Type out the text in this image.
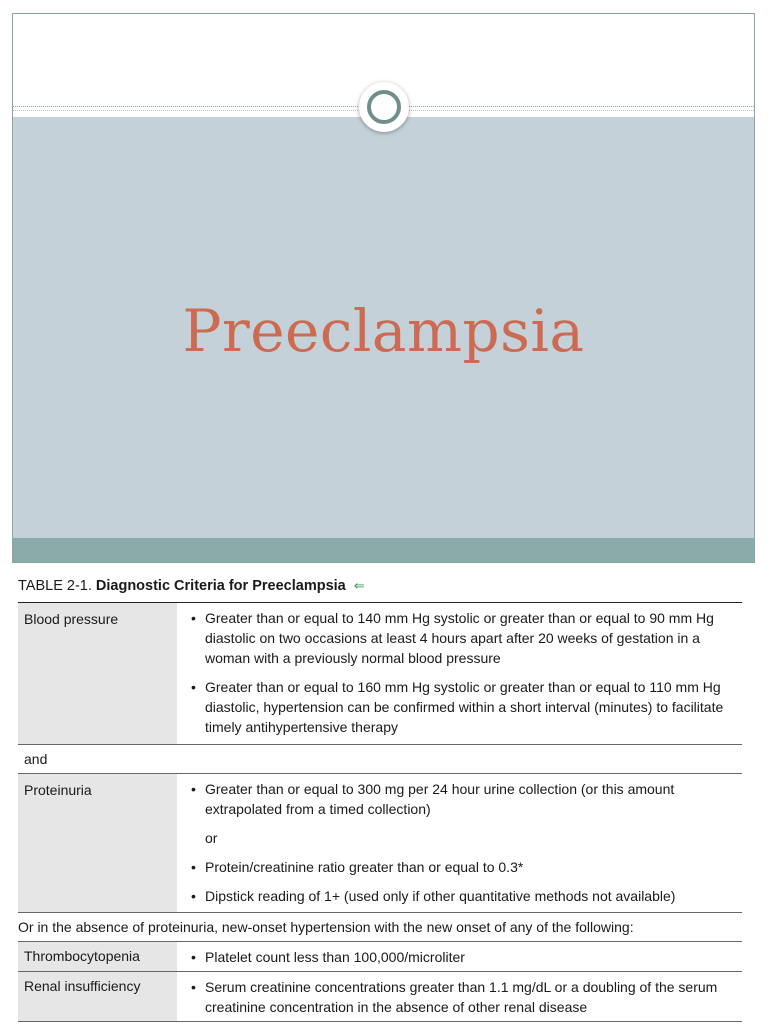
Preeclampsia
TABLE 2-1. Diagnostic Criteria for Preeclampsia ⇐
Blood pressure	• Greater than or equal to 140 mm Hg systolic or greater than or equal to 90 mm Hg diastolic on two occasions at least 4 hours apart after 20 weeks of gestation in a woman with a previously normal blood pressure
• Greater than or equal to 160 mm Hg systolic or greater than or equal to 110 mm Hg diastolic, hypertension can be confirmed within a short interval (minutes) to facilitate timely antihypertensive therapy
and
Proteinuria	• Greater than or equal to 300 mg per 24 hour urine collection (or this amount extrapolated from a timed collection)
or
• Protein/creatinine ratio greater than or equal to 0.3*
• Dipstick reading of 1+ (used only if other quantitative methods not available)
Or in the absence of proteinuria, new-onset hypertension with the new onset of any of the following:
Thrombocytopenia	• Platelet count less than 100,000/microliter
Renal insufficiency	• Serum creatinine concentrations greater than 1.1 mg/dL or a doubling of the serum creatinine concentration in the absence of other renal disease
